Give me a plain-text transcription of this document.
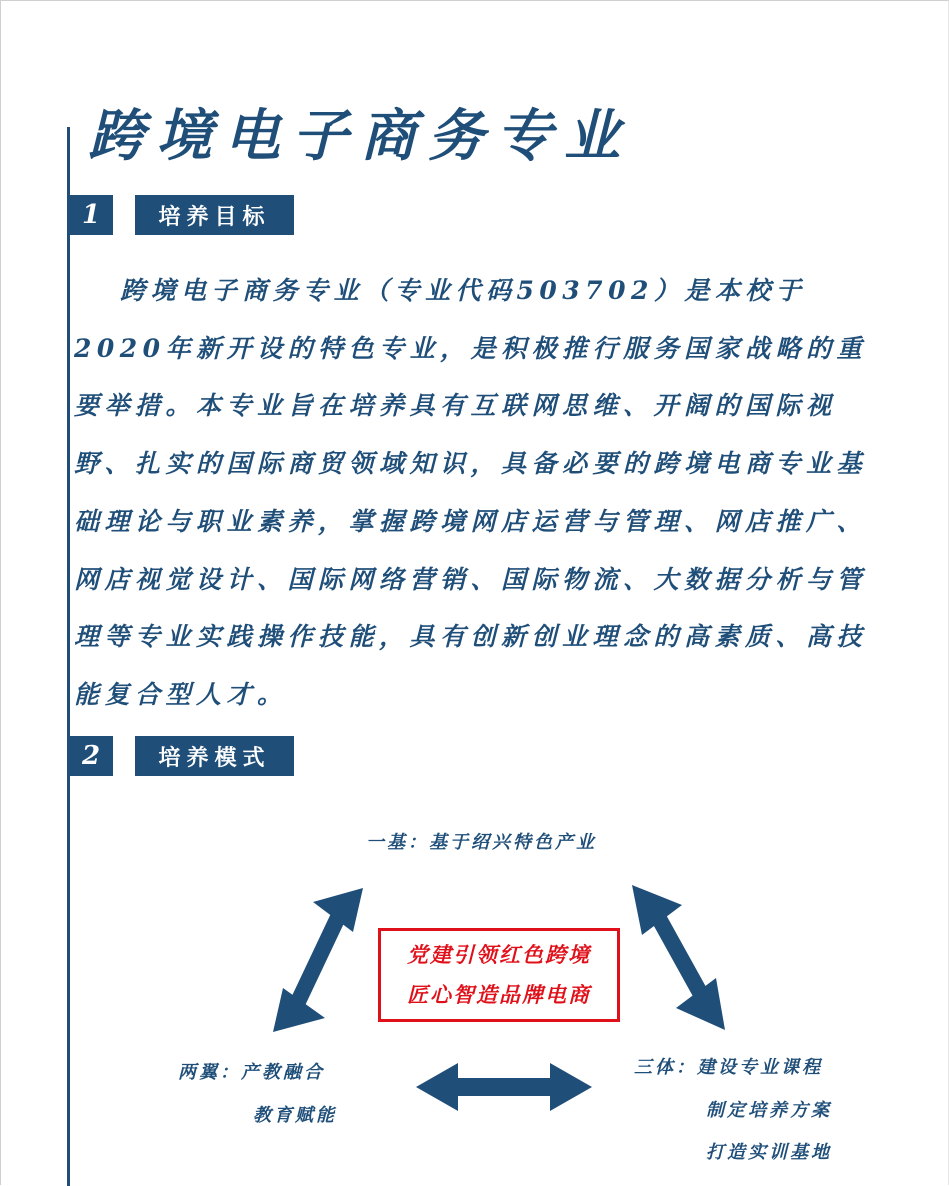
跨境电子商务专业
1	培养目标

跨境电子商务专业（专业代码503702）是本校于2020年新开设的特色专业，是积极推行服务国家战略的重要举措。本专业旨在培养具有互联网思维、开阔的国际视野、扎实的国际商贸领域知识，具备必要的跨境电商专业基础理论与职业素养，掌握跨境网店运营与管理、网店推广、网店视觉设计、国际网络营销、国际物流、大数据分析与管理等专业实践操作技能，具有创新创业理念的高素质、高技能复合型人才。

2	培养模式
一基：基于绍兴特色产业
党建引领红色跨境
匠心智造品牌电商
两翼：产教融合
教育赋能
三体：建设专业课程
制定培养方案
打造实训基地
